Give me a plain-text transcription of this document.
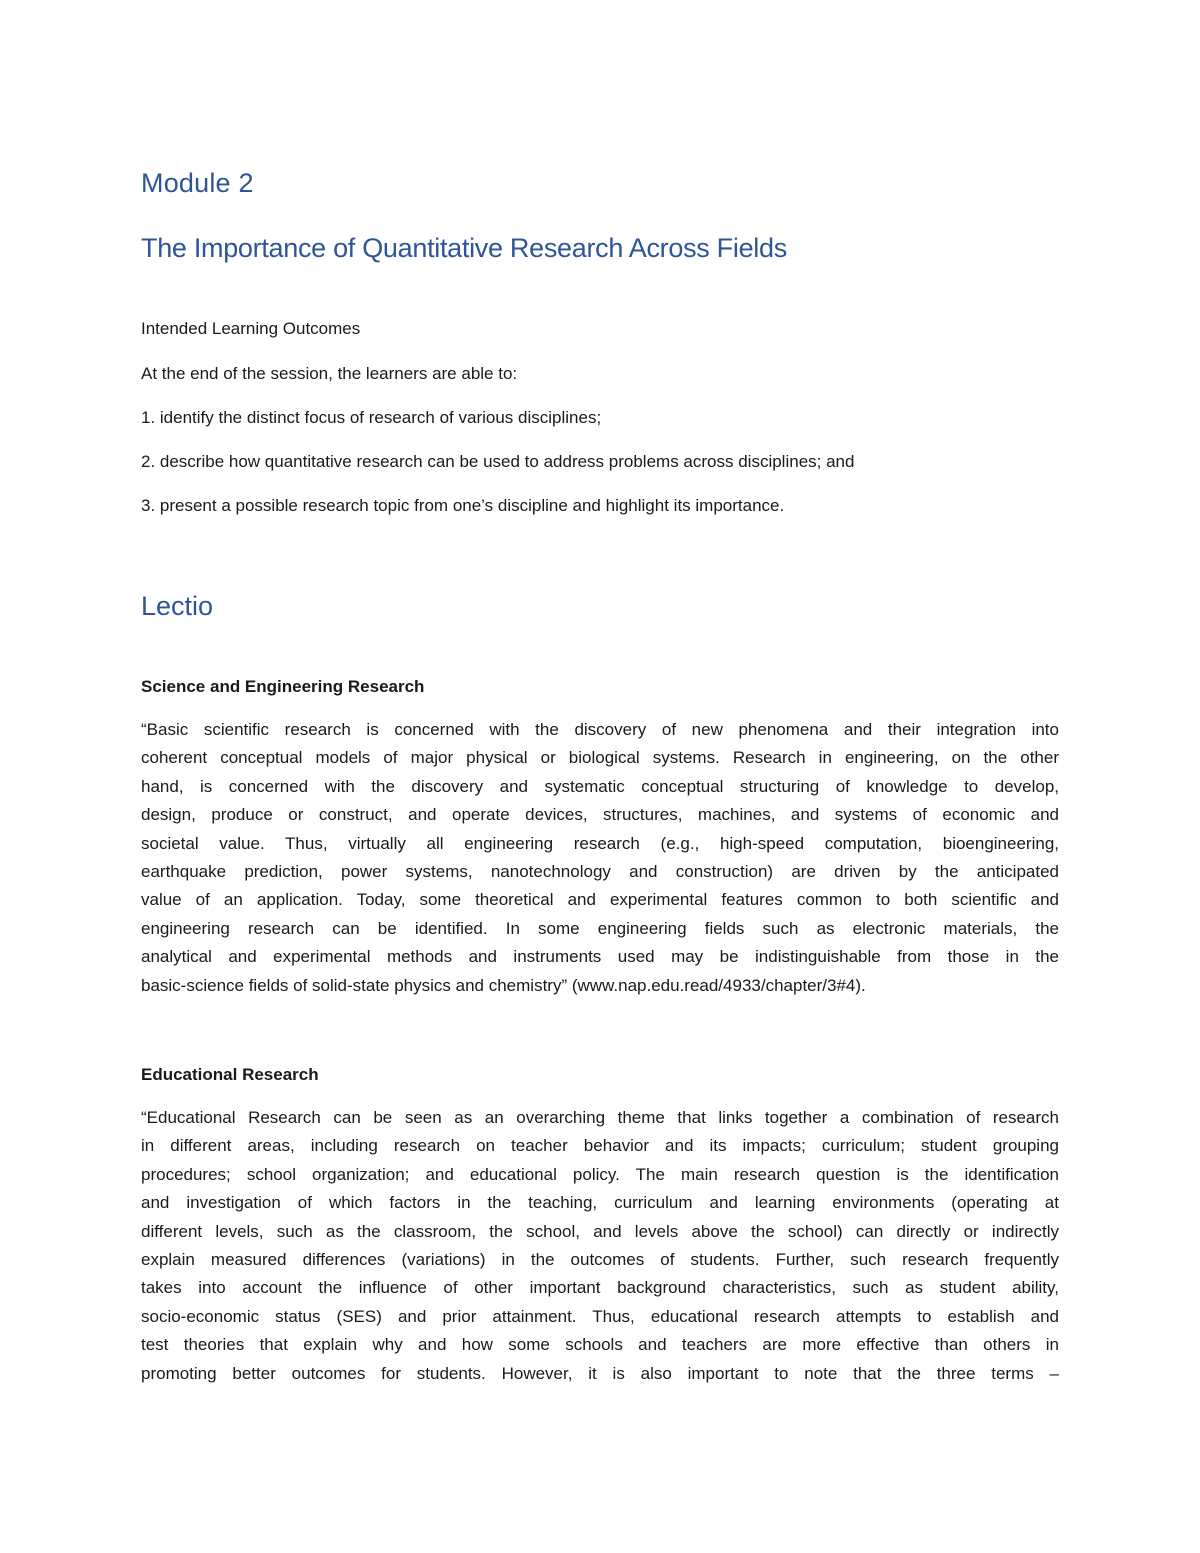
Module 2
The Importance of Quantitative Research Across Fields

Intended Learning Outcomes

At the end of the session, the learners are able to:

1. identify the distinct focus of research of various disciplines;

2. describe how quantitative research can be used to address problems across disciplines; and

3. present a possible research topic from one’s discipline and highlight its importance.

Lectio
Science and Engineering Research
“Basic scientific research is concerned with the discovery of new phenomena and their integration into
coherent conceptual models of major physical or biological systems. Research in engineering, on the other
hand, is concerned with the discovery and systematic conceptual structuring of knowledge to develop,
design, produce or construct, and operate devices, structures, machines, and systems of economic and
societal value. Thus, virtually all engineering research (e.g., high-speed computation, bioengineering,
earthquake prediction, power systems, nanotechnology and construction) are driven by the anticipated
value of an application. Today, some theoretical and experimental features common to both scientific and
engineering research can be identified. In some engineering fields such as electronic materials, the
analytical and experimental methods and instruments used may be indistinguishable from those in the
basic-science fields of solid-state physics and chemistry” (www.nap.edu.read/4933/chapter/3#4).
Educational Research
“Educational Research can be seen as an overarching theme that links together a combination of research
in different areas, including research on teacher behavior and its impacts; curriculum; student grouping
procedures; school organization; and educational policy. The main research question is the identification
and investigation of which factors in the teaching, curriculum and learning environments (operating at
different levels, such as the classroom, the school, and levels above the school) can directly or indirectly
explain measured differences (variations) in the outcomes of students. Further, such research frequently
takes into account the influence of other important background characteristics, such as student ability,
socio-economic status (SES) and prior attainment. Thus, educational research attempts to establish and
test theories that explain why and how some schools and teachers are more effective than others in
promoting better outcomes for students. However, it is also important to note that the three terms –
